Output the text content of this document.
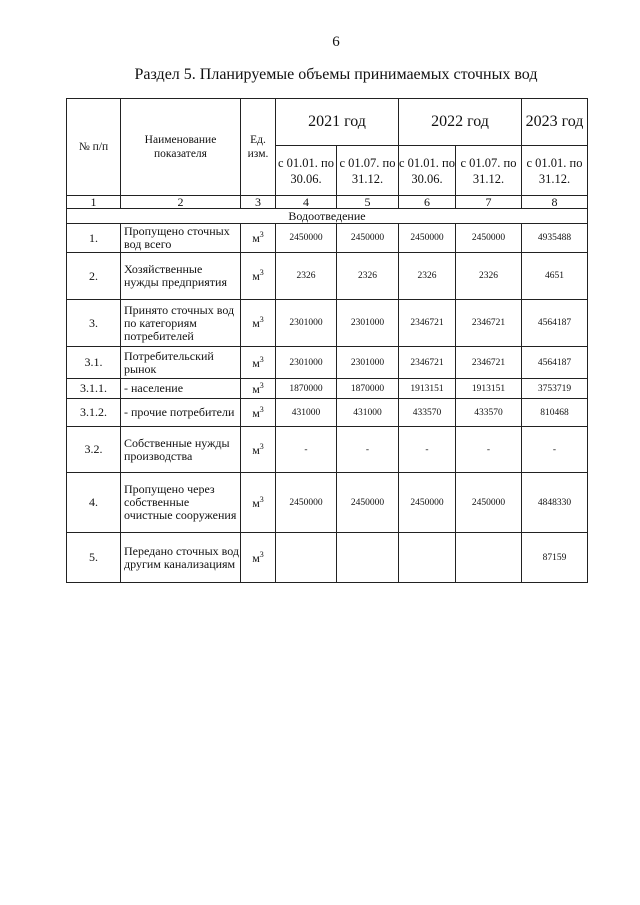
6
Раздел 5. Планируемые объемы принимаемых сточных вод
№ п/п	Наименование показателя	Ед. изм.	2021 год		2022 год		2023 год
			с 01.01. по 30.06.	с 01.07. по 31.12.	с 01.01. по 30.06.	с 01.07. по 31.12.	с 01.01. по 31.12.
1	2	3	4	5	6	7	8
Водоотведение							
1.	Пропущено сточных вод всего	$м^3$	2450000	2450000	2450000	2450000	4935488
2.	Хозяйственные нужды предприятия	$м^3$	2326	2326	2326	2326	4651
3.	Принято сточных вод по категориям потребителей	$м^3$	2301000	2301000	2346721	2346721	4564187
3.1.	Потребительский рынок	$м^3$	2301000	2301000	2346721	2346721	4564187
3.1.1.	- население	$м^3$	1870000	1870000	1913151	1913151	3753719
3.1.2.	- прочие потребители	$м^3$	431000	431000	433570	433570	810468
3.2.	Собственные нужды производства	$м^3$	-	-	-	-	-
4.	Пропущено через собственные очистные сооружения	$м^3$	2450000	2450000	2450000	2450000	4848330
5.	Передано сточных вод другим канализациям	$м^3$					87159
